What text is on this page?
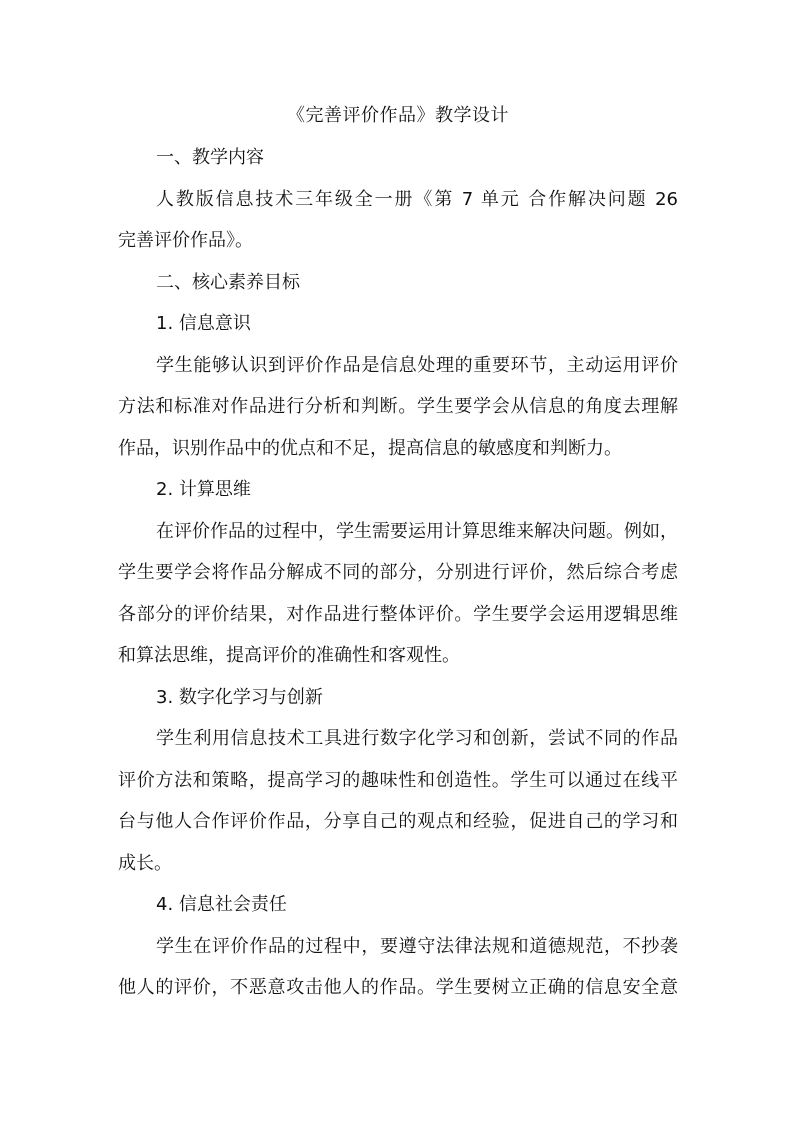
《完善评价作品》教学设计
一、教学内容
人教版信息技术三年级全一册《第 7 单元 合作解决问题 26
完善评价作品》。
二、核心素养目标
1. 信息意识
学生能够认识到评价作品是信息处理的重要环节，主动运用评价
方法和标准对作品进行分析和判断。学生要学会从信息的角度去理解
作品，识别作品中的优点和不足，提高信息的敏感度和判断力。
2. 计算思维
在评价作品的过程中，学生需要运用计算思维来解决问题。例如，
学生要学会将作品分解成不同的部分，分别进行评价，然后综合考虑
各部分的评价结果，对作品进行整体评价。学生要学会运用逻辑思维
和算法思维，提高评价的准确性和客观性。
3. 数字化学习与创新
学生利用信息技术工具进行数字化学习和创新，尝试不同的作品
评价方法和策略，提高学习的趣味性和创造性。学生可以通过在线平
台与他人合作评价作品，分享自己的观点和经验，促进自己的学习和
成长。
4. 信息社会责任
学生在评价作品的过程中，要遵守法律法规和道德规范，不抄袭
他人的评价，不恶意攻击他人的作品。学生要树立正确的信息安全意
